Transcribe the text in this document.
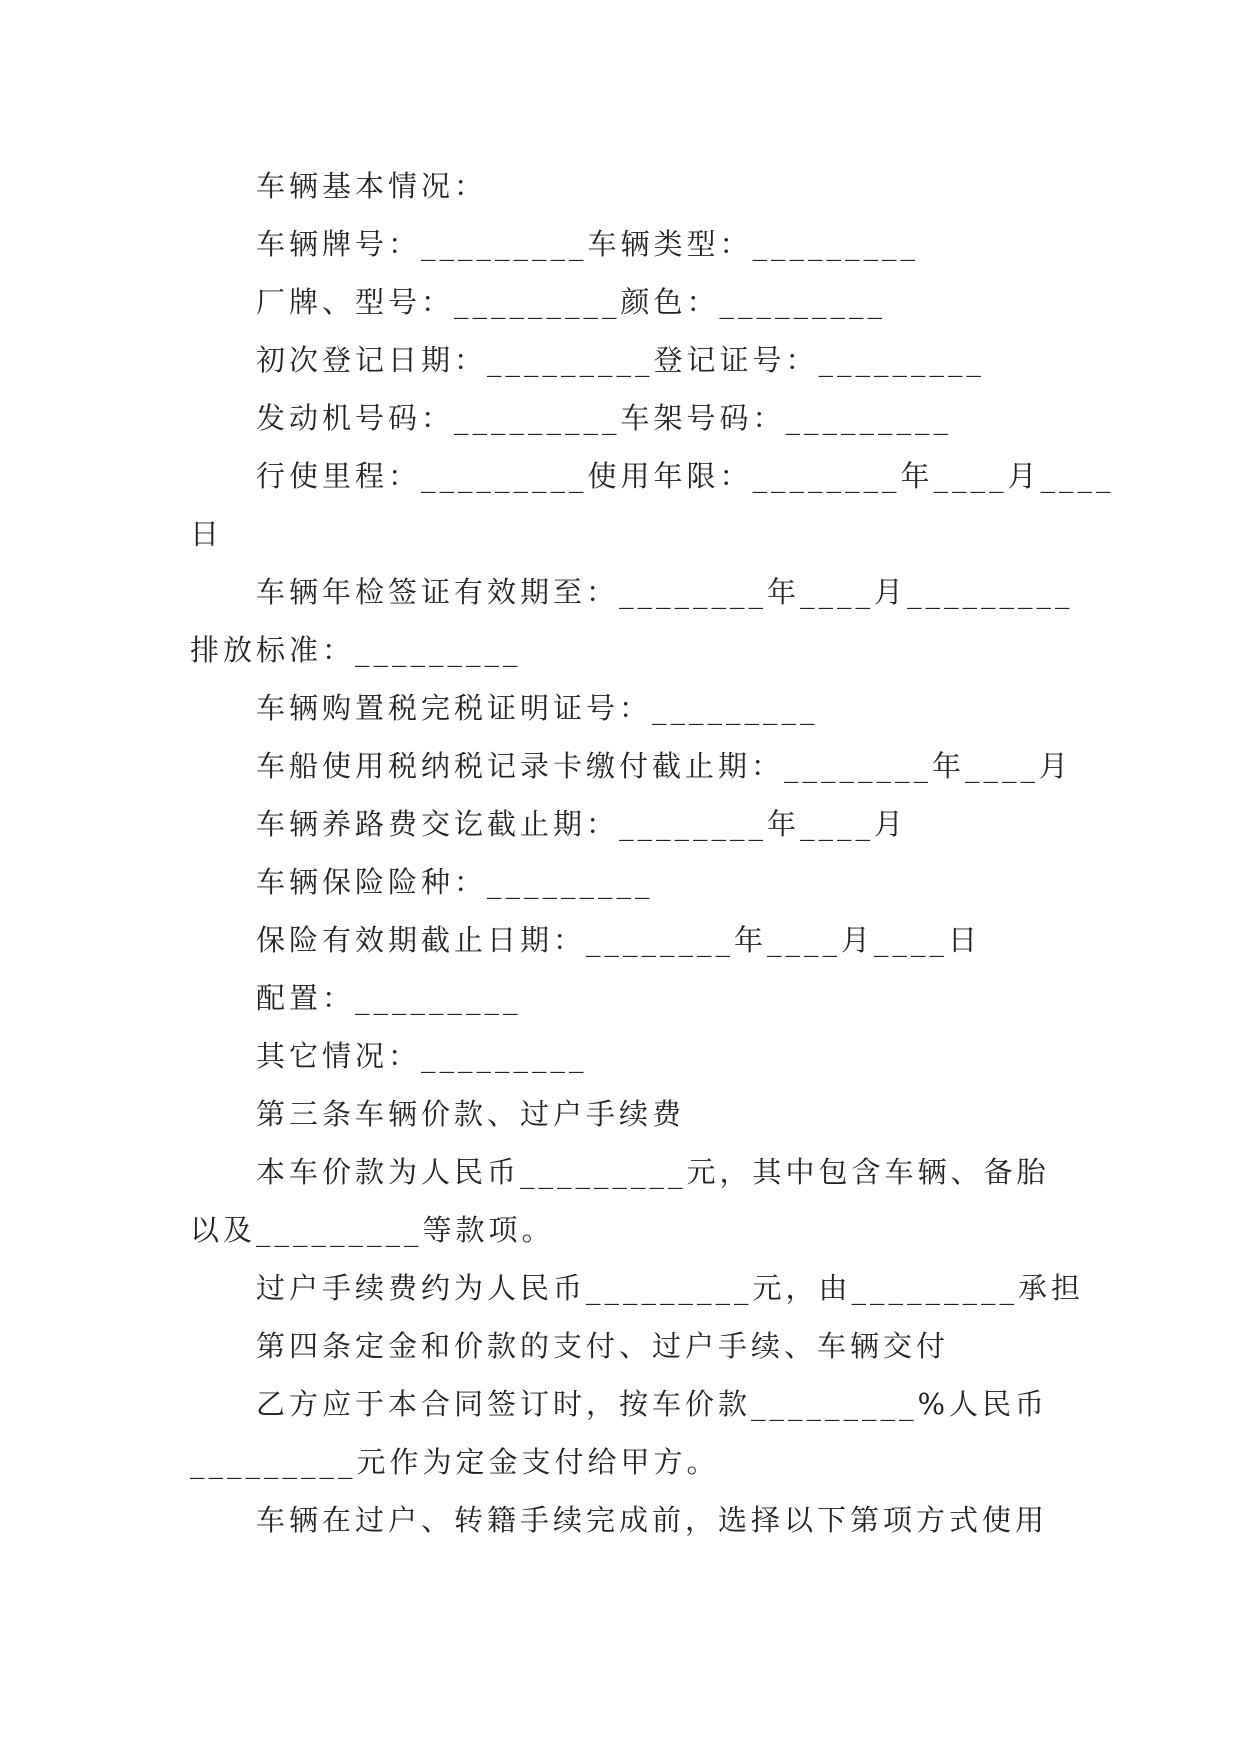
车辆基本情况：
车辆牌号：_________车辆类型：_________
厂牌、型号：_________颜色：_________
初次登记日期：_________登记证号：_________
发动机号码：_________车架号码：_________
行使里程：_________使用年限：________年____月____
日
车辆年检签证有效期至：________年____月_________
排放标准：_________
车辆购置税完税证明证号：_________
车船使用税纳税记录卡缴付截止期：________年____月
车辆养路费交讫截止期：________年____月
车辆保险险种：_________
保险有效期截止日期：________年____月____日
配置：_________
其它情况：_________
第三条车辆价款、过户手续费
本车价款为人民币_________元，其中包含车辆、备胎
以及_________等款项。
过户手续费约为人民币_________元，由_________承担
第四条定金和价款的支付、过户手续、车辆交付
乙方应于本合同签订时，按车价款_________%人民币
_________元作为定金支付给甲方。
车辆在过户、转籍手续完成前，选择以下第项方式使用
